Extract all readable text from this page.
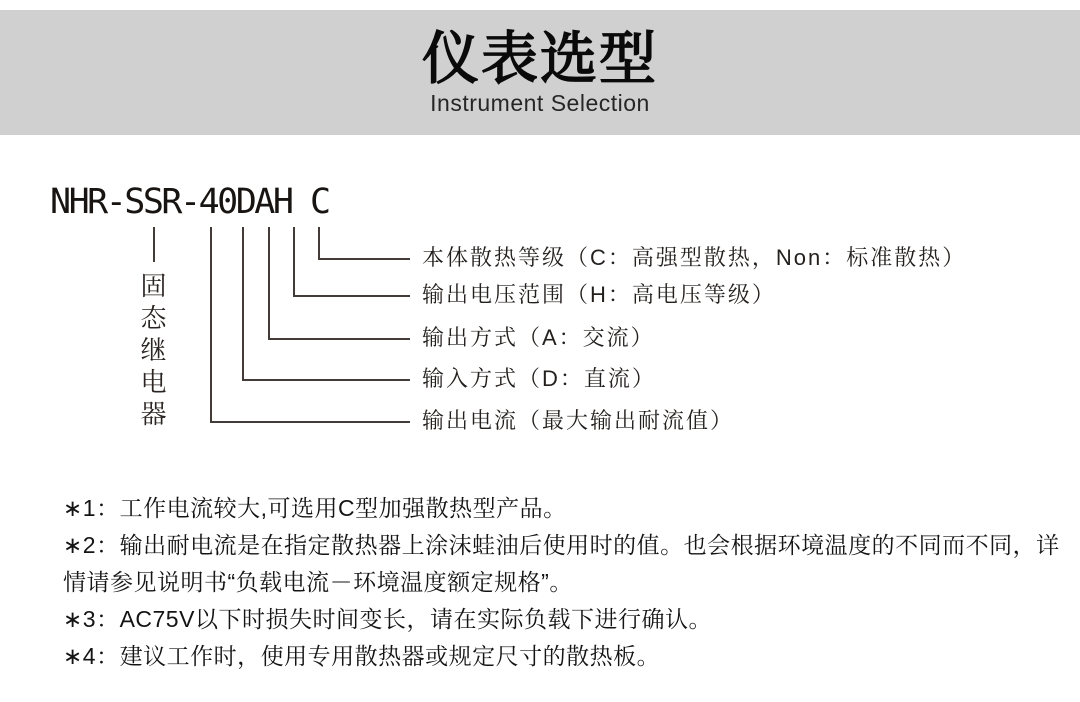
仪表选型
Instrument Selection
NHR-SSR-40DAH C
固态继电器
本体散热等级（C：高强型散热，Non：标准散热）
输出电压范围（H：高电压等级）
输出方式（A：交流）
输入方式（D：直流）
输出电流（最大输出耐流值）
∗1：工作电流较大,可选用C型加强散热型产品。
∗2：输出耐电流是在指定散热器上涂沫蛙油后使用时的值。也会根据环境温度的不同而不同，详
情请参见说明书“负载电流－环境温度额定规格”。
∗3：AC75V以下时损失时间变长，请在实际负载下进行确认。
∗4：建议工作时，使用专用散热器或规定尺寸的散热板。
